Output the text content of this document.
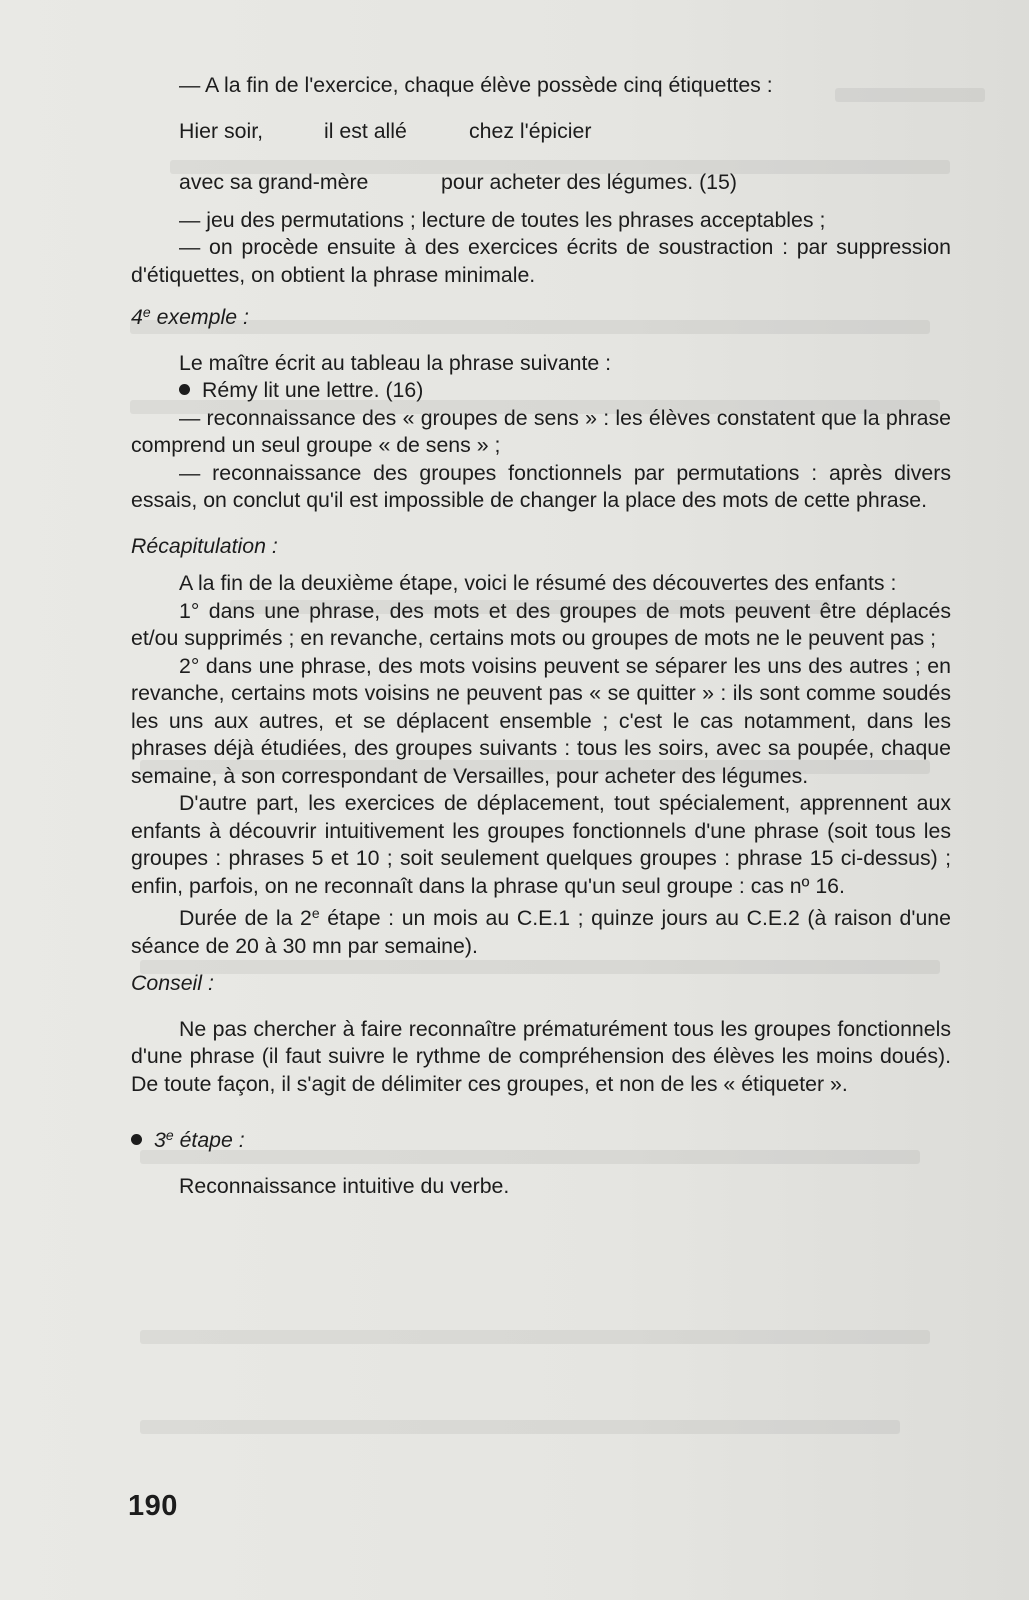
— A la fin de l'exercice, chaque élève possède cinq étiquettes :

Hier soir,	il est allé	chez l'épicier
avec sa grand-mère	pour acheter des légumes. (15)

— jeu des permutations ; lecture de toutes les phrases acceptables ;

— on procède ensuite à des exercices écrits de soustraction : par suppression d'étiquettes, on obtient la phrase minimale.

4e exemple :

Le maître écrit au tableau la phrase suivante :

Rémy lit une lettre. (16)

— reconnaissance des « groupes de sens » : les élèves constatent que la phrase comprend un seul groupe « de sens » ;

— reconnaissance des groupes fonctionnels par permutations : après divers essais, on conclut qu'il est impossible de changer la place des mots de cette phrase.

Récapitulation :

A la fin de la deuxième étape, voici le résumé des découvertes des enfants :

1° dans une phrase, des mots et des groupes de mots peuvent être déplacés et/ou supprimés ; en revanche, certains mots ou groupes de mots ne le peuvent pas ;

2° dans une phrase, des mots voisins peuvent se séparer les uns des autres ; en revanche, certains mots voisins ne peuvent pas « se quitter » : ils sont comme soudés les uns aux autres, et se déplacent ensemble ; c'est le cas notamment, dans les phrases déjà étudiées, des groupes suivants : tous les soirs, avec sa poupée, chaque semaine, à son correspondant de Versailles, pour acheter des légumes.

D'autre part, les exercices de déplacement, tout spécialement, apprennent aux enfants à découvrir intuitivement les groupes fonctionnels d'une phrase (soit tous les groupes : phrases 5 et 10 ; soit seulement quelques groupes : phrase 15 ci-dessus) ; enfin, parfois, on ne reconnaît dans la phrase qu'un seul groupe : cas nº 16.

Durée de la 2e étape : un mois au C.E.1 ; quinze jours au C.E.2 (à raison d'une séance de 20 à 30 mn par semaine).

Conseil :

Ne pas chercher à faire reconnaître prématurément tous les groupes fonctionnels d'une phrase (il faut suivre le rythme de compréhension des élèves les moins doués). De toute façon, il s'agit de délimiter ces groupes, et non de les « étiqueter ».

3e étape :

Reconnaissance intuitive du verbe.

190
